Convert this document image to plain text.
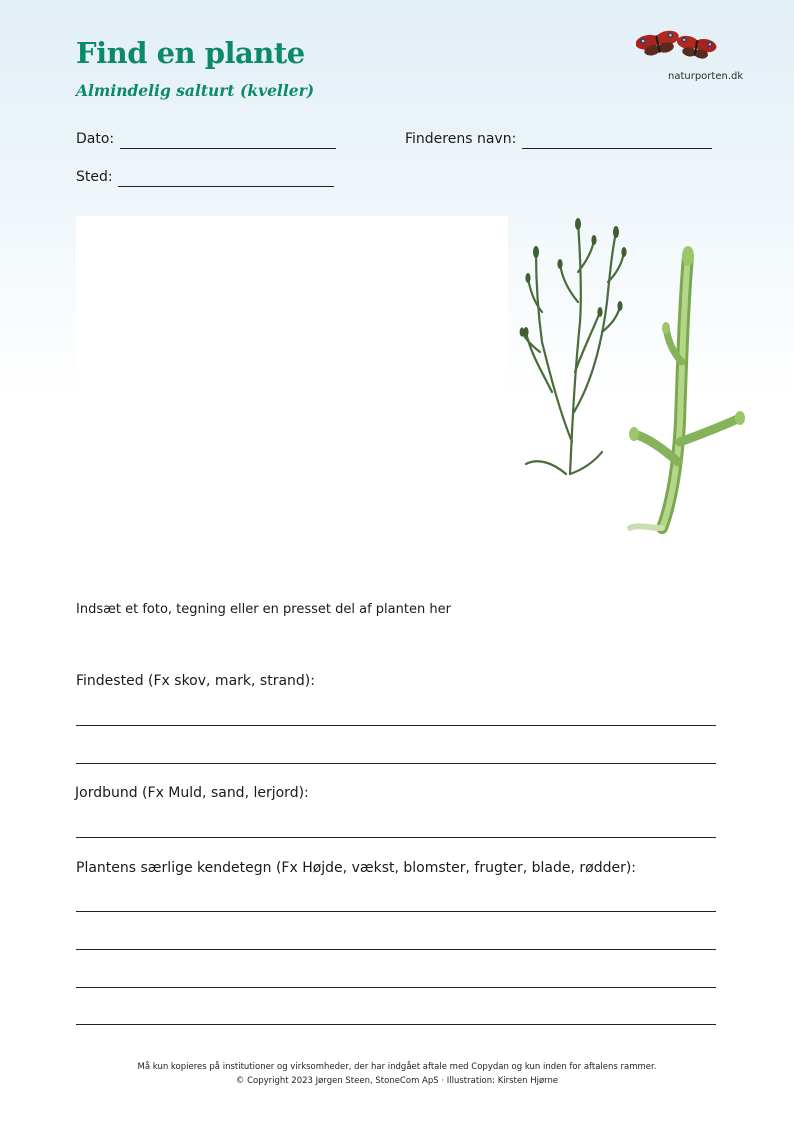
Find en plante
Almindelig salturt (kveller)
naturporten.dk
Dato:	Finderens navn:
Sted:
Indsæt et foto, tegning eller en presset del af planten her
Findested (Fx skov, mark, strand):
Jordbund (Fx Muld, sand, lerjord):
Plantens særlige kendetegn (Fx Højde, vækst, blomster, frugter, blade, rødder):
Må kun kopieres på institutioner og virksomheder, der har indgået aftale med Copydan og kun inden for aftalens rammer.
© Copyright 2023 Jørgen Steen, StoneCom ApS · Illustration: Kirsten Hjørne
